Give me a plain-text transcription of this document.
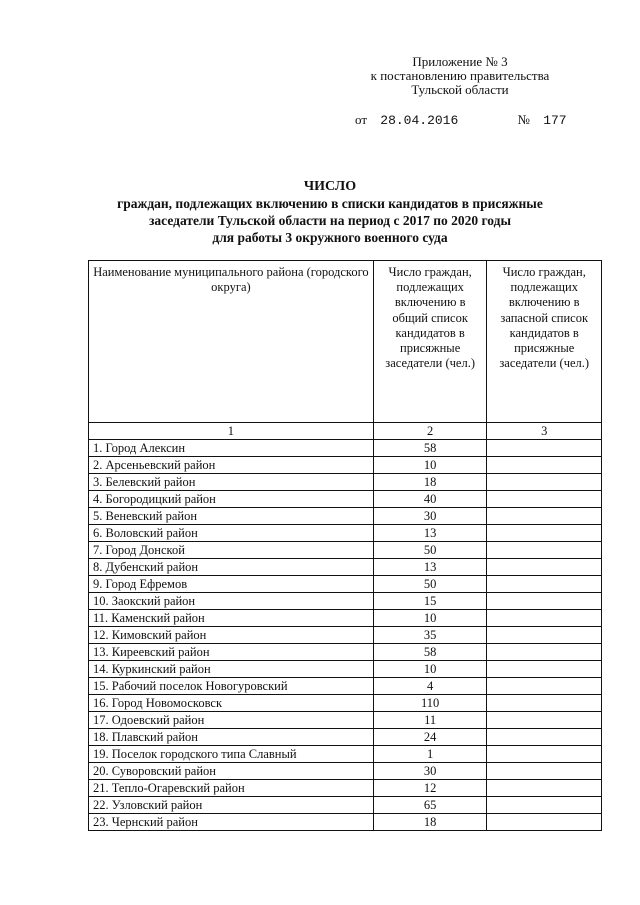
Приложение № 3
к постановлению правительства
Тульской области
от 28.04.2016	№ 177
ЧИСЛО
граждан, подлежащих включению в списки кандидатов в присяжные
заседатели Тульской области на период с 2017 по 2020 годы
для работы 3 окружного военного суда
Наименование муниципального района (городского округа)	Число граждан, подлежащих включению в общий список кандидатов в присяжные заседатели (чел.)	Число граждан, подлежащих включению в запасной список кандидатов в присяжные заседатели (чел.)
1	2	3
1. Город Алексин	58	
2. Арсеньевский район	10	
3. Белевский район	18	
4. Богородицкий район	40	
5. Веневский район	30	
6. Воловский район	13	
7. Город Донской	50	
8. Дубенский район	13	
9. Город Ефремов	50	
10. Заокский район	15	
11. Каменский район	10	
12. Кимовский район	35	
13. Киреевский район	58	
14. Куркинский район	10	
15. Рабочий поселок Новогуровский	4	
16. Город Новомосковск	110	
17. Одоевский район	11	
18. Плавский район	24	
19. Поселок городского типа Славный	1	
20. Суворовский район	30	
21. Тепло-Огаревский район	12	
22. Узловский район	65	
23. Чернский район	18	
